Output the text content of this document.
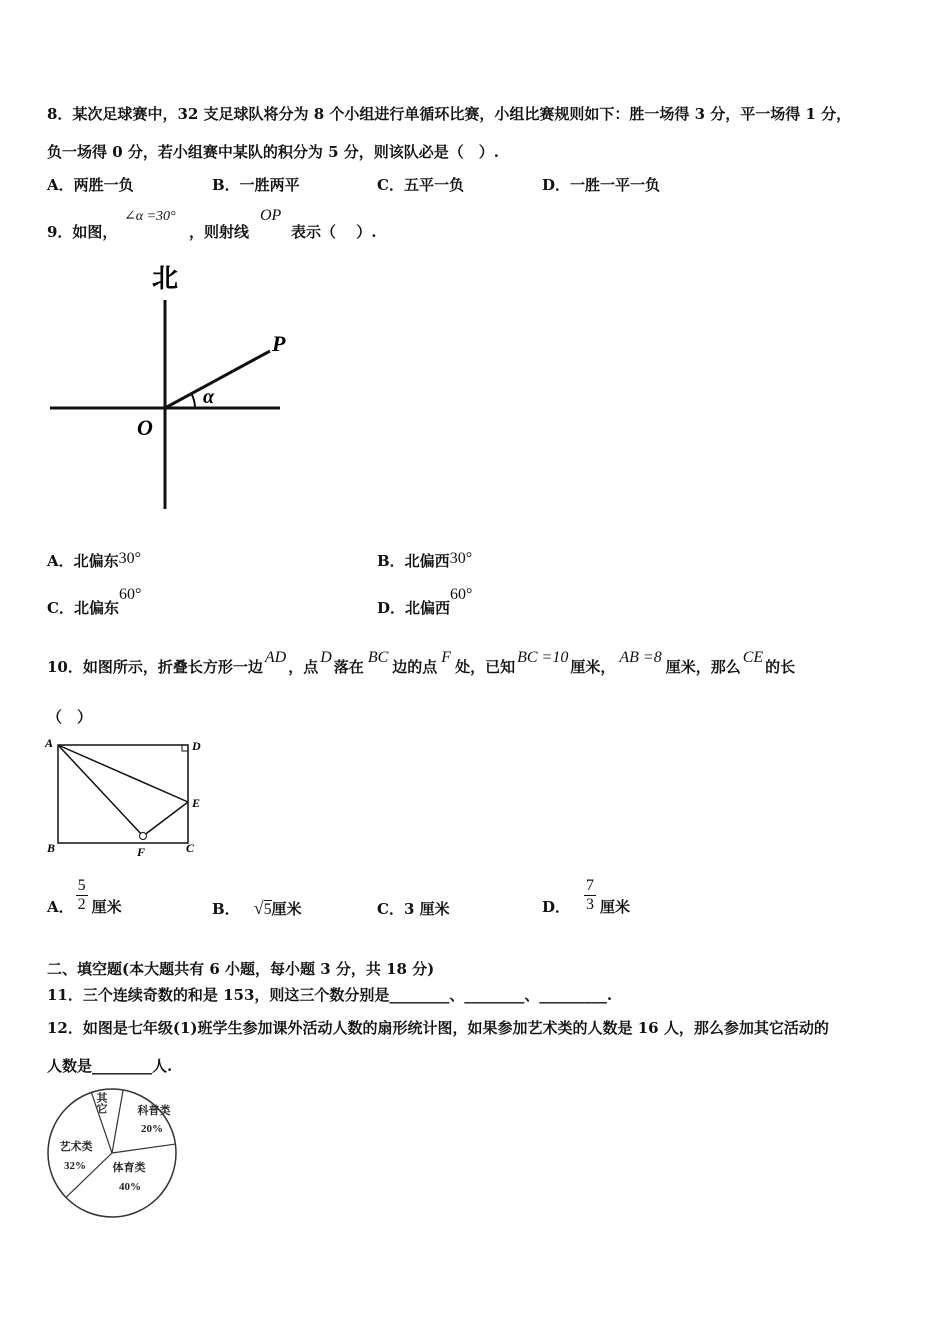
8．某次足球赛中，32 支足球队将分为 8 个小组进行单循环比赛，小组比赛规则如下：胜一场得 3 分，平一场得 1 分，
负一场得 0 分，若小组赛中某队的积分为 5 分，则该队必是（　）.
A．两胜一负	B．一胜两平	C．五平一负	D．一胜一平一负
9．如图，
∠α =30°
，则射线
OP
表示（　 ）.
北
P
O
α
A．北偏东30°	B．北偏西30°
C．北偏东60°
D．北偏西60°
10．如图所示，折叠长方形一边AD，点D落在BC边的点F处，已知BC =10厘米，AB =8厘米，那么CE的长
（　）
A	D
E
B	F	C
A． $\frac{5}{2}$ 厘米	B． √5厘米	C．3 厘米	D． $\frac{7}{3}$ 厘米
二、填空题(本大题共有 6 小题，每小题 3 分，共 18 分)
11．三个连续奇数的和是 153，则这三个数分别是________、________、_________.
12．如图是七年级(1)班学生参加课外活动人数的扇形统计图，如果参加艺术类的人数是 16 人，那么参加其它活动的
人数是________人.
科普类
20%
体育类
40%
艺术类
32%
其它
